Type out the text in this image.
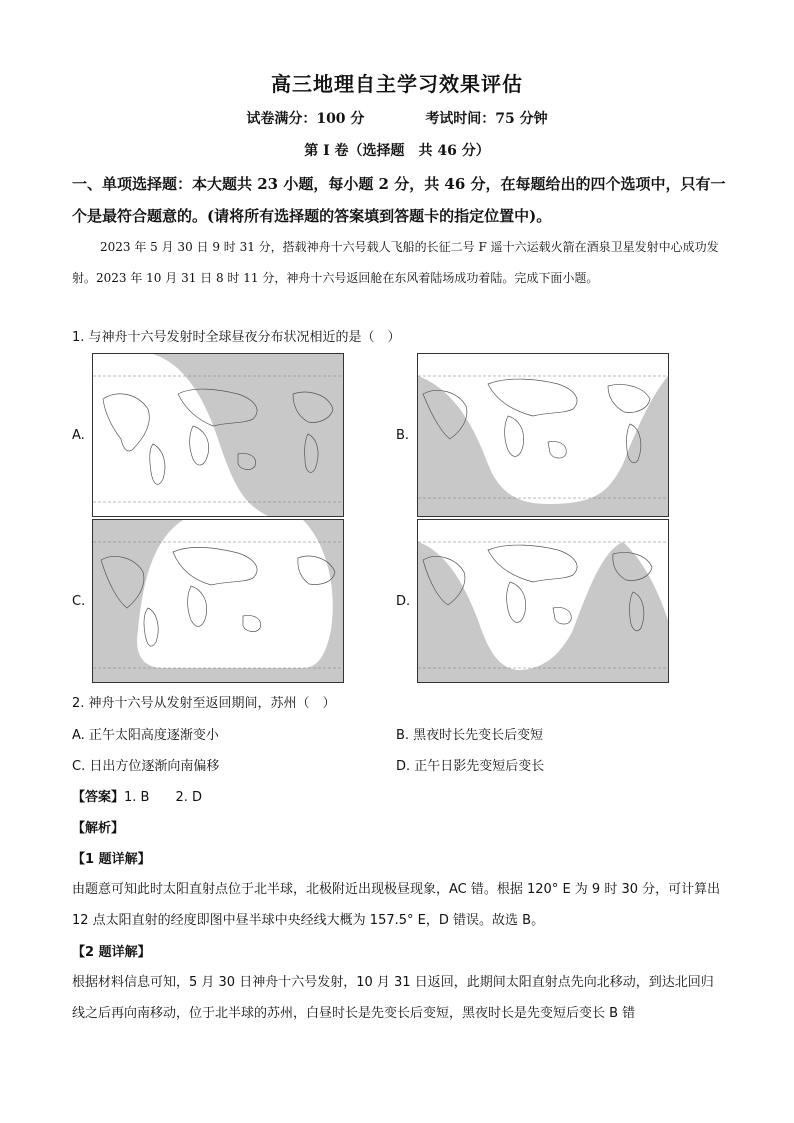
高三地理自主学习效果评估
试卷满分：100 分	考试时间：75 分钟
第 I 卷（选择题　共 46 分）
一、单项选择题：本大题共 23 小题，每小题 2 分，共 46 分，在每题给出的四个选项中，只有一个是最符合题意的。(请将所有选择题的答案填到答题卡的指定位置中)。
2023 年 5 月 30 日 9 时 31 分，搭载神舟十六号载人飞船的长征二号 F 遥十六运载火箭在酒泉卫星发射中心成功发射。2023 年 10 月 31 日 8 时 11 分，神舟十六号返回舱在东风着陆场成功着陆。完成下面小题。
1. 与神舟十六号发射时全球昼夜分布状况相近的是（　）
A.	B.
C.	D.
2. 神舟十六号从发射至返回期间，苏州（　）
A. 正午太阳高度逐渐变小	B. 黑夜时长先变长后变短
C. 日出方位逐渐向南偏移	D. 正午日影先变短后变长
【答案】1. B　　2. D
【解析】
【1 题详解】
由题意可知此时太阳直射点位于北半球，北极附近出现极昼现象，AC 错。根据 120° E 为 9 时 30 分，可计算出 12 点太阳直射的经度即图中昼半球中央经线大概为 157.5° E，D 错误。故选 B。
【2 题详解】
根据材料信息可知，5 月 30 日神舟十六号发射，10 月 31 日返回，此期间太阳直射点先向北移动，到达北回归线之后再向南移动，位于北半球的苏州，白昼时长是先变长后变短，黑夜时长是先变短后变长 B 错
